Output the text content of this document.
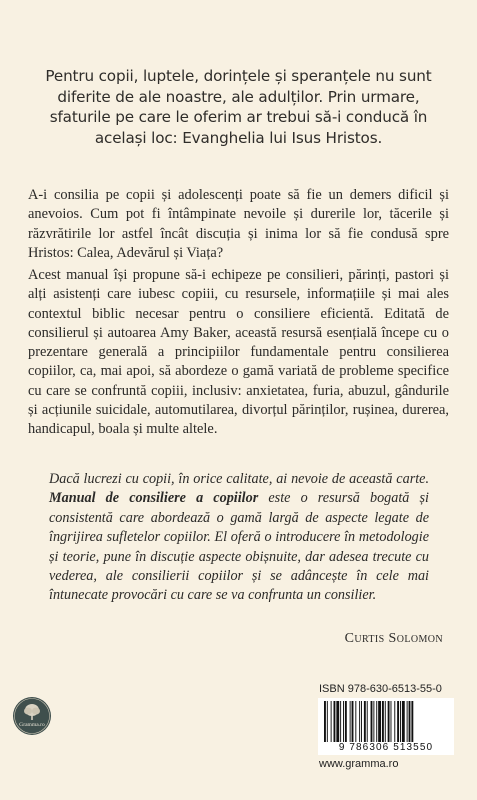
Pentru copii, luptele, dorințele și speranțele nu sunt diferite de ale noastre, ale adulților. Prin urmare, sfaturile pe care le oferim ar trebui să-i conducă în același loc: Evanghelia lui Isus Hristos.
A-i consilia pe copii și adolescenți poate să fie un demers dificil și anevoios. Cum pot fi întâmpinate nevoile și durerile lor, tăcerile și răzvrătirile lor astfel încât discuția și inima lor să fie condusă spre Hristos: Calea, Adevărul și Viața?
Acest manual își propune să-i echipeze pe consilieri, părinți, pastori și alți asistenți care iubesc copiii, cu resursele, informațiile și mai ales contextul biblic necesar pentru o consiliere eficientă. Editată de consilierul și autoarea Amy Baker, această resursă esențială începe cu o prezentare generală a principiilor fundamentale pentru consilierea copiilor, ca, mai apoi, să abordeze o gamă variată de probleme specifice cu care se confruntă copiii, inclusiv: anxietatea, furia, abuzul, gândurile și acțiunile suicidale, automutilarea, divorțul părinților, rușinea, durerea, handicapul, boala și multe altele.
Dacă lucrezi cu copii, în orice calitate, ai nevoie de această carte. Manual de consiliere a copiilor este o resursă bogată și consistentă care abordează o gamă largă de aspecte legate de îngrijirea sufletelor copiilor. El oferă o introducere în metodologie și teorie, pune în discuție aspecte obișnuite, dar adesea trecute cu vederea, ale consilierii copiilor și se adâncește în cele mai întunecate provocări cu care se va confrunta un consilier.
Curtis Solomon
Gramma.ro
ISBN 978-630-6513-55-0
9 786306 513550
www.gramma.ro
